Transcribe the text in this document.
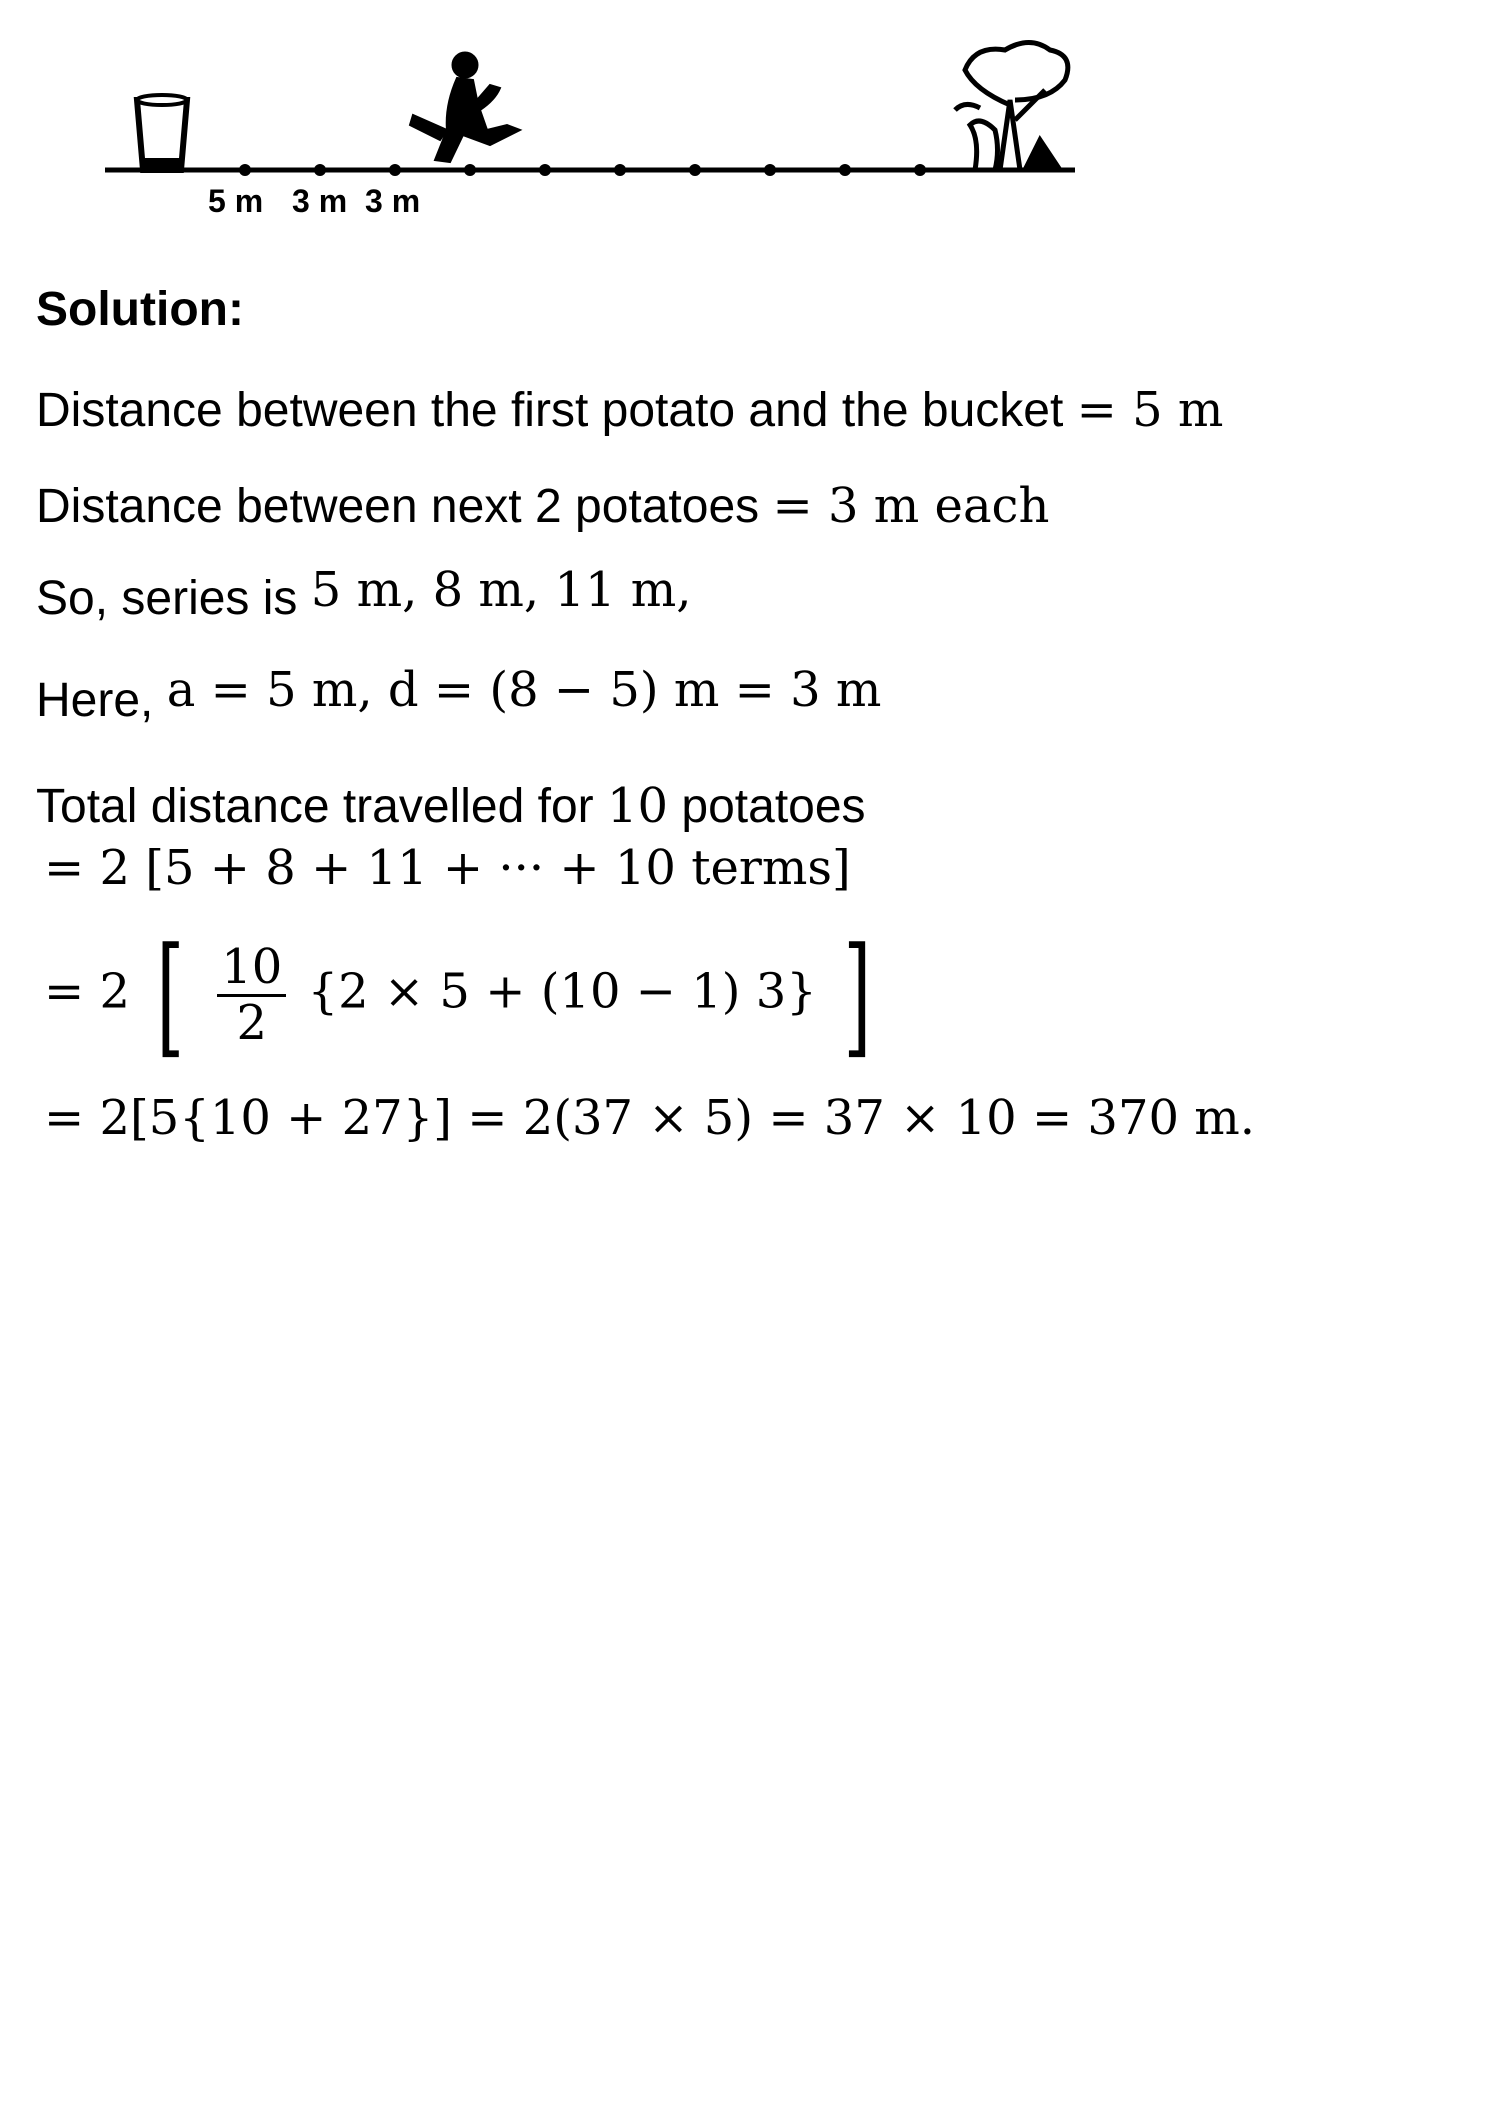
5 m 3 m 3 m
Solution:
Distance between the first potato and the bucket = 5 m
Distance between next 2 potatoes = 3 m each
So, series is 5 m, 8 m, 11 m,
Here, a = 5 m, d = (8 − 5) m = 3 m
Total distance travelled for 10 potatoes
= 2 [5 + 8 + 11 + ··· + 10 terms]
= 2 [ $\frac{10}{2} \{2 \times 5 + (10 - 1)$ 3} ]
= 2[5{10 + 27}] = 2(37 × 5) = 37 × 10 = 370 m.
